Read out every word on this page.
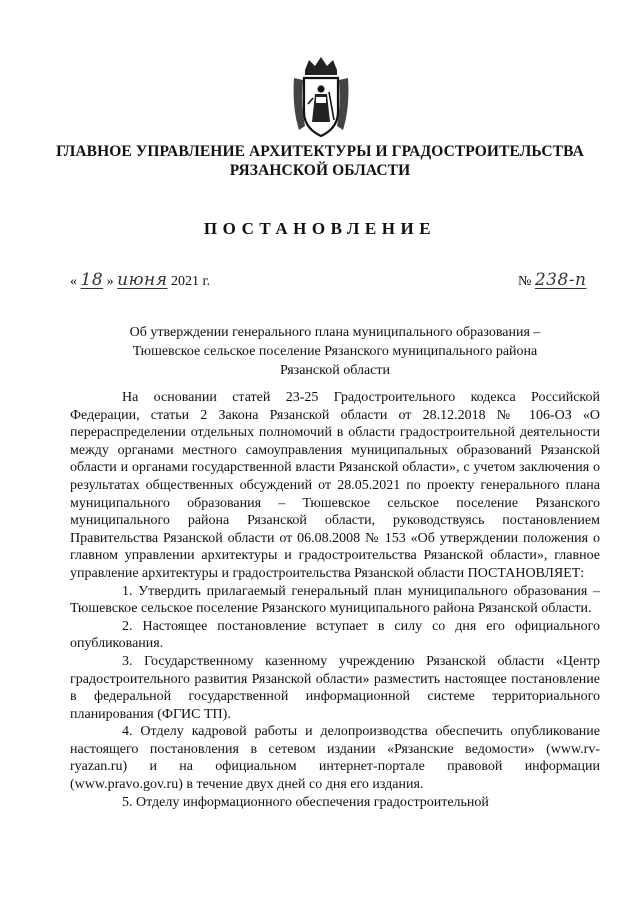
ГЛАВНОЕ УПРАВЛЕНИЕ АРХИТЕКТУРЫ И ГРАДОСТРОИТЕЛЬСТВА
РЯЗАНСКОЙ ОБЛАСТИ
ПОСТАНОВЛЕНИЕ
« 18 » июня 2021 г.	№ 238-п
Об утверждении генерального плана муниципального образования –
Тюшевское сельское поселение Рязанского муниципального района
Рязанской области

На основании статей 23-25 Градостроительного кодекса Российской Федерации, статьи 2 Закона Рязанской области от 28.12.2018 № 106-ОЗ «О перераспределении отдельных полномочий в области градостроительной деятельности между органами местного самоуправления муниципальных образований Рязанской области и органами государственной власти Рязанской области», с учетом заключения о результатах общественных обсуждений от 28.05.2021 по проекту генерального плана муниципального образования – Тюшевское сельское поселение Рязанского муниципального района Рязанской области, руководствуясь постановлением Правительства Рязанской области от 06.08.2008 № 153 «Об утверждении положения о главном управлении архитектуры и градостроительства Рязанской области», главное управление архитектуры и градостроительства Рязанской области ПОСТАНОВЛЯЕТ:

1. Утвердить прилагаемый генеральный план муниципального образования – Тюшевское сельское поселение Рязанского муниципального района Рязанской области.

2. Настоящее постановление вступает в силу со дня его официального опубликования.

3. Государственному казенному учреждению Рязанской области «Центр градостроительного развития Рязанской области» разместить настоящее постановление в федеральной государственной информационной системе территориального планирования (ФГИС ТП).

4. Отделу кадровой работы и делопроизводства обеспечить опубликование настоящего постановления в сетевом издании «Рязанские ведомости» (www.rv-ryazan.ru) и на официальном интернет-портале правовой информации (www.pravo.gov.ru) в течение двух дней со дня его издания.

5. Отделу информационного обеспечения градостроительной
